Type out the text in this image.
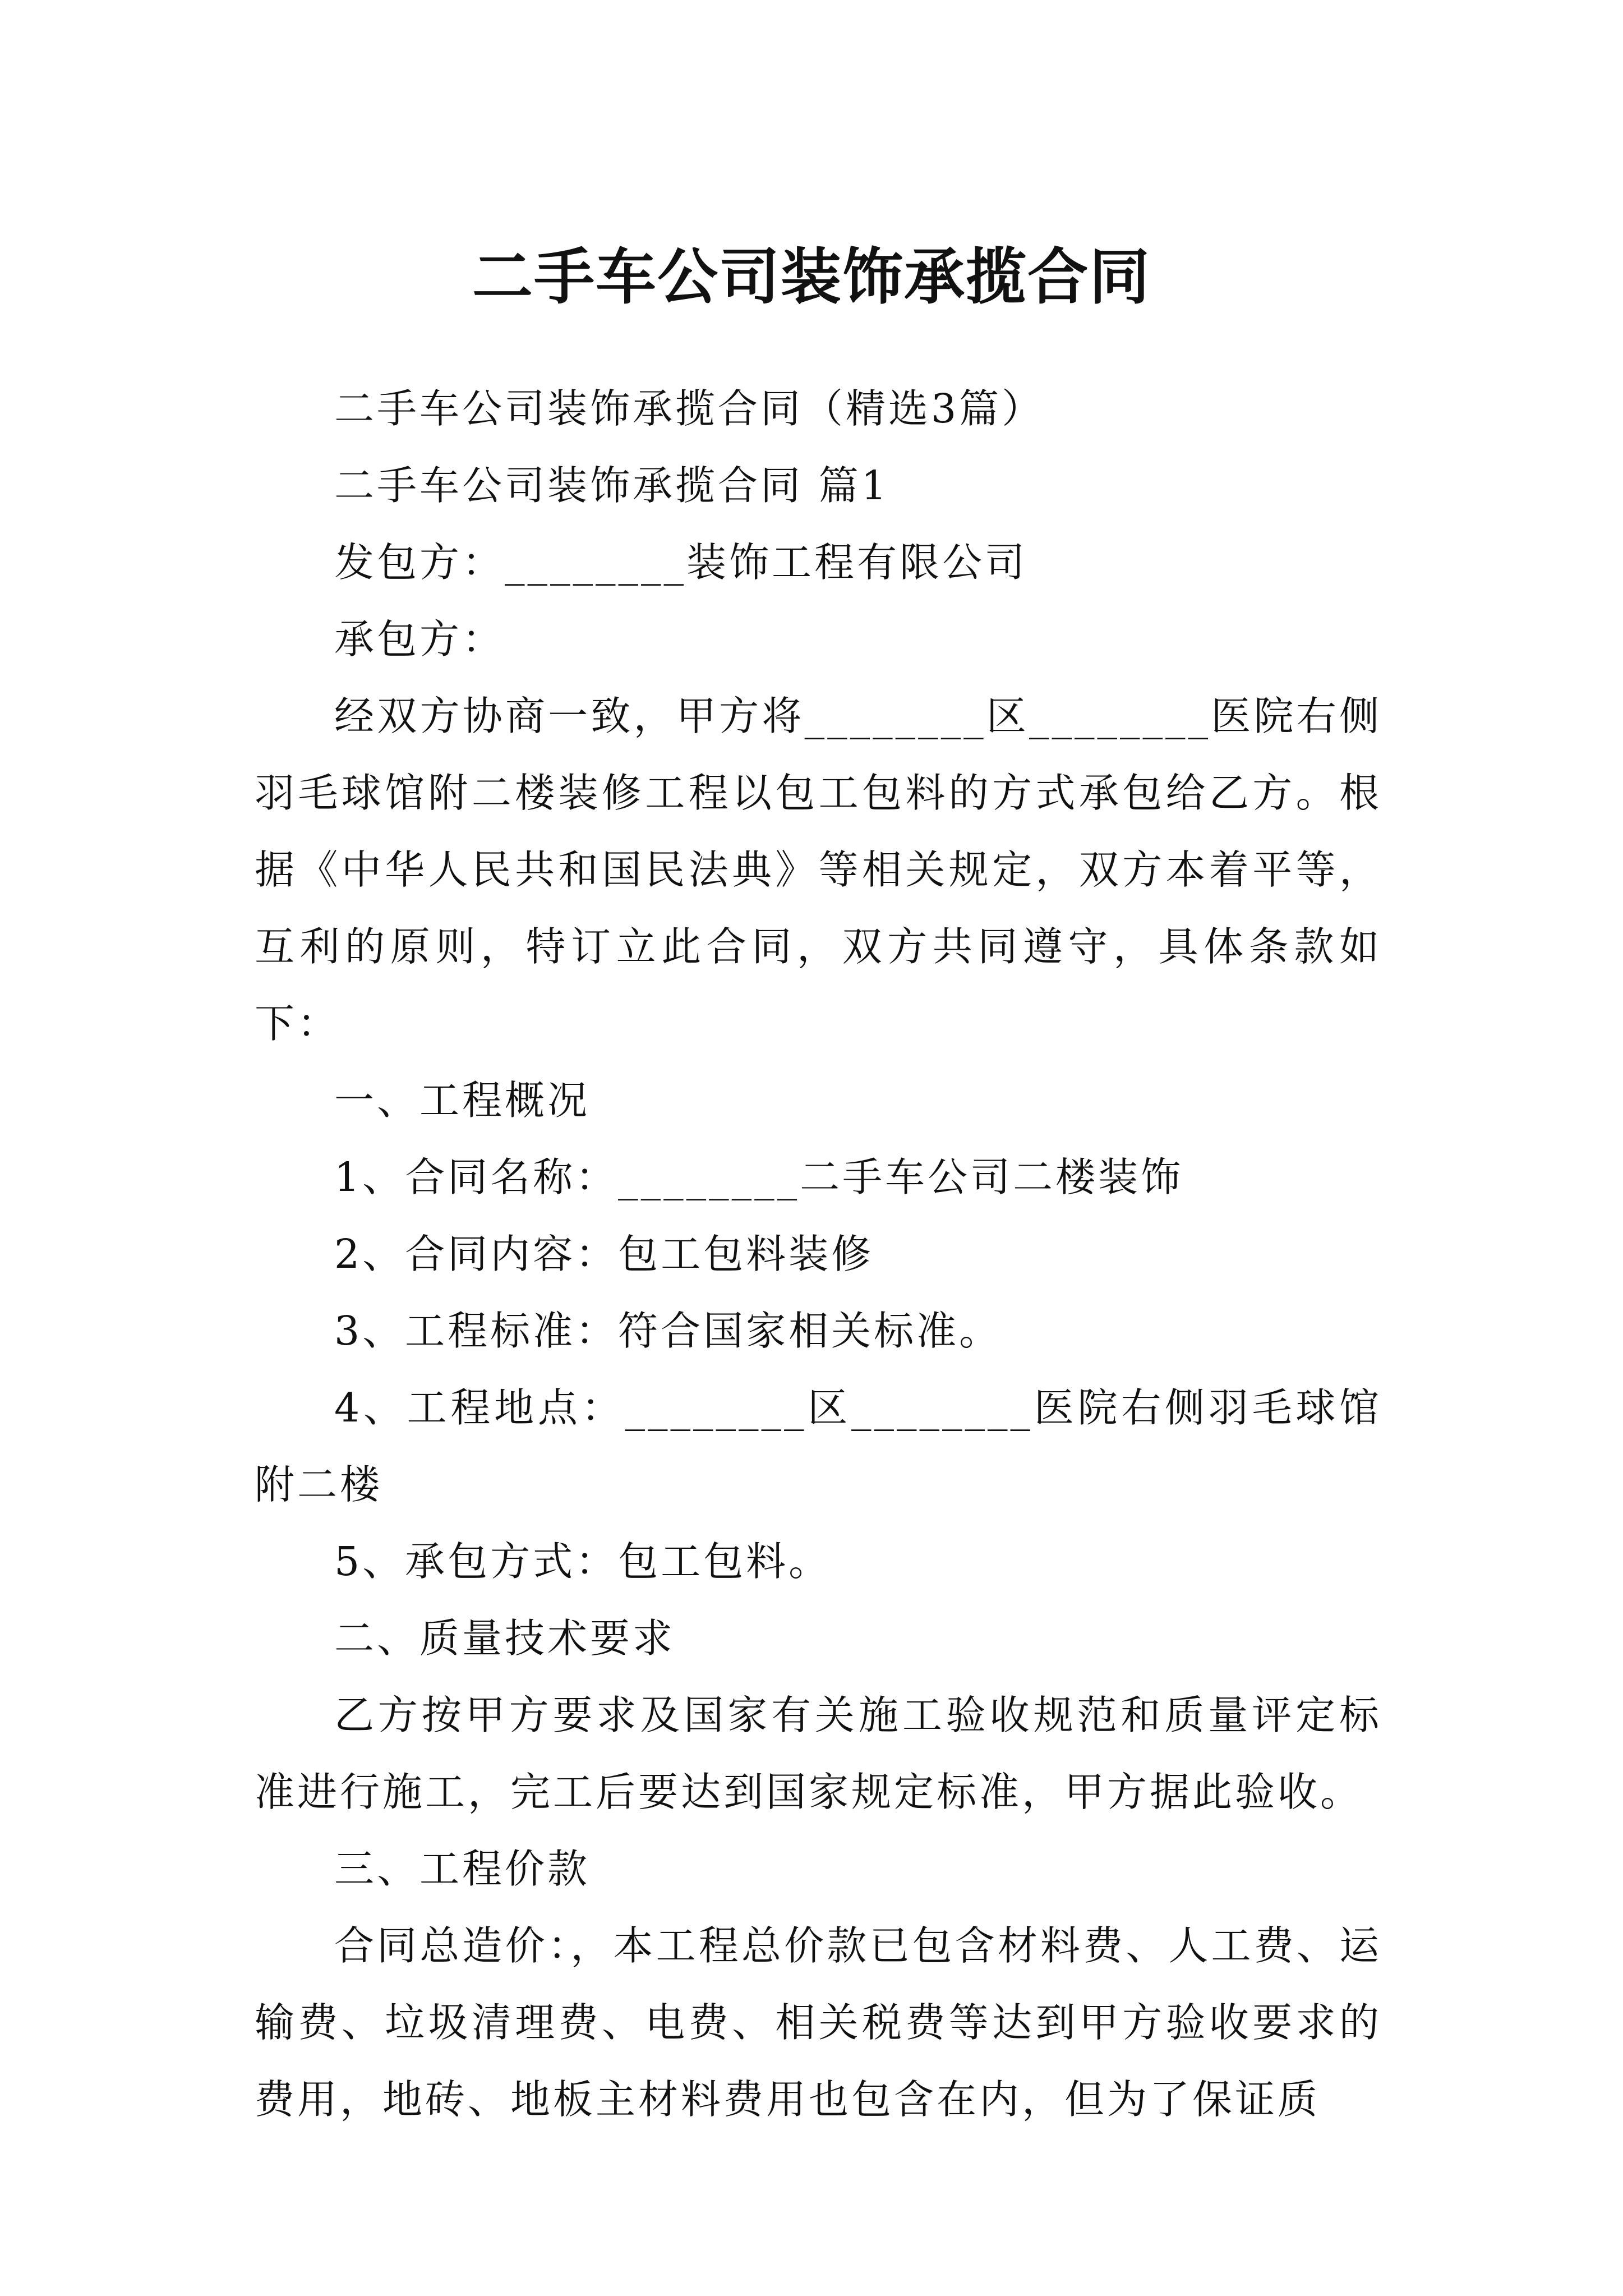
二手车公司装饰承揽合同

二手车公司装饰承揽合同（精选3篇）

二手车公司装饰承揽合同 篇1

发包方：________装饰工程有限公司

承包方：

经双方协商一致，甲方将________区________医院右侧羽毛球馆附二楼装修工程以包工包料的方式承包给乙方。根据《中华人民共和国民法典》等相关规定，双方本着平等，互利的原则，特订立此合同，双方共同遵守，具体条款如下：

一、工程概况

1、合同名称：________二手车公司二楼装饰

2、合同内容：包工包料装修

3、工程标准：符合国家相关标准。

4、工程地点：________区________医院右侧羽毛球馆附二楼

5、承包方式：包工包料。

二、质量技术要求

乙方按甲方要求及国家有关施工验收规范和质量评定标准进行施工，完工后要达到国家规定标准，甲方据此验收。

三、工程价款

合同总造价：，本工程总价款已包含材料费、人工费、运输费、垃圾清理费、电费、相关税费等达到甲方验收要求的费用，地砖、地板主材料费用也包含在内，但为了保证质
